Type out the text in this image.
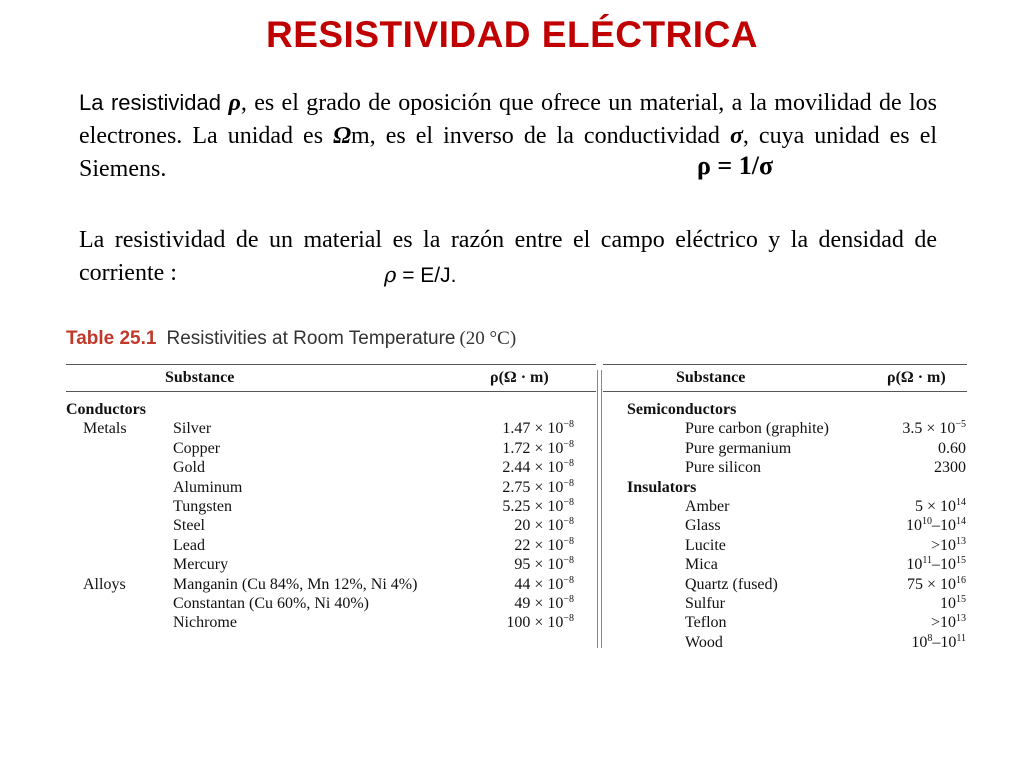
RESISTIVIDAD ELÉCTRICA
La resistividad ρ, es el grado de oposición que ofrece un material, a la movilidad de los electrones. La unidad es Ωm, es el inverso de la conductividad σ, cuya unidad es el Siemens.	ρ = 1/σ
La resistividad de un material es la razón entre el campo eléctrico y la densidad de corriente :	ρ = E/J.
Table 25.1 Resistivities at Room Temperature (20 °C)
Substance	ρ(Ω · m)	Substance	ρ(Ω · m)
Conductors
Metals	Silver	$1.47 \times 10^{-8}$
Copper	$1.72 \times 10^{-8}$
Gold	$2.44 \times 10^{-8}$
Aluminum	$2.75 \times 10^{-8}$
Tungsten	$5.25 \times 10^{-8}$
Steel	$20 \times 10^{-8}$
Lead	$22 \times 10^{-8}$
Mercury	$95 \times 10^{-8}$
Alloys	Manganin (Cu 84%, Mn 12%, Ni 4%)	$44 \times 10^{-8}$
Constantan (Cu 60%, Ni 40%)	$49 \times 10^{-8}$
Nichrome	$100 \times 10^{-8}$
Semiconductors
Pure carbon (graphite)	$3.5 \times 10^{-5}$
Pure germanium	0.60
Pure silicon	2300
Insulators
Amber	$5 \times 10^{14}$
Glass	$10^{10}-10^{14}$
Lucite	$>10^{13}$
Mica	$10^{11}-10^{15}$
Quartz (fused)	$75 \times 10^{16}$
Sulfur	$10^{15}$
Teflon	$>10^{13}$
Wood	$10^8-10^{11}$
